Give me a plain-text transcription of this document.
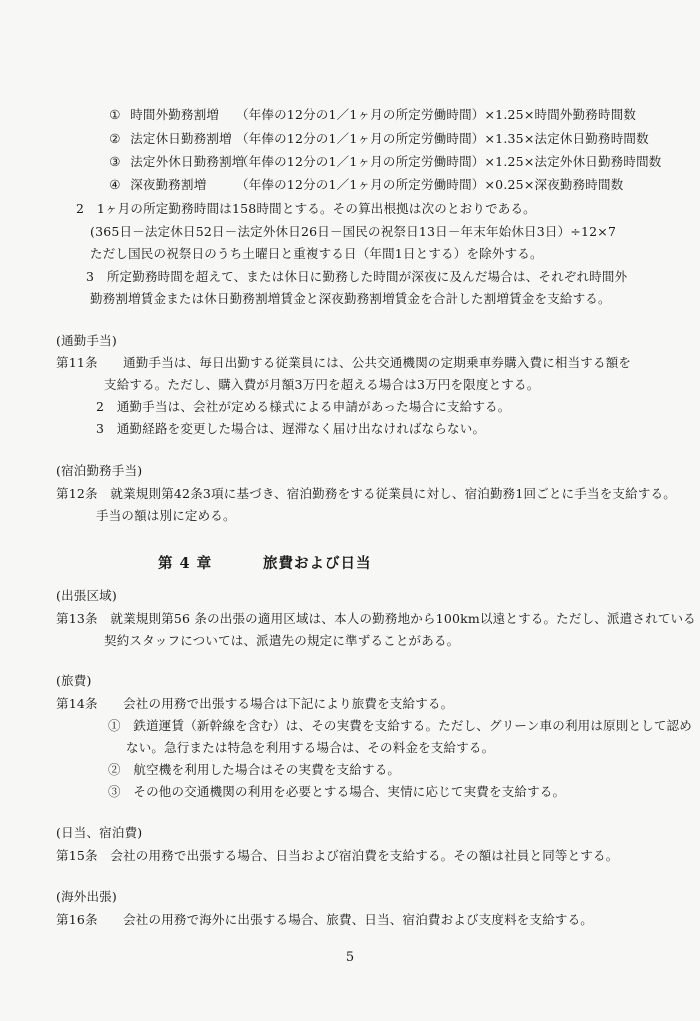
① 時間外勤務割増 （年俸の12分の1／1ヶ月の所定労働時間）×1.25×時間外勤務時間数
② 法定休日勤務割増 （年俸の12分の1／1ヶ月の所定労働時間）×1.35×法定休日勤務時間数
③ 法定外休日勤務割増
（年俸の12分の1／1ヶ月の所定労働時間）×1.25×法定外休日勤務時間数
④ 深夜勤務割増 （年俸の12分の1／1ヶ月の所定労働時間）×0.25×深夜勤務時間数
2　1ヶ月の所定勤務時間は158時間とする。その算出根拠は次のとおりである。
(365日－法定休日52日－法定外休日26日－国民の祝祭日13日－年末年始休日3日）÷12×7
ただし国民の祝祭日のうち土曜日と重複する日（年間1日とする）を除外する。
3　所定勤務時間を超えて、または休日に勤務した時間が深夜に及んだ場合は、それぞれ時間外
勤務割増賃金または休日勤務割増賃金と深夜勤務割増賃金を合計した割増賃金を支給する。
(通勤手当)
第11条　　通勤手当は、毎日出勤する従業員には、公共交通機関の定期乗車券購入費に相当する額を
支給する。ただし、購入費が月額3万円を超える場合は3万円を限度とする。
2　通勤手当は、会社が定める様式による申請があった場合に支給する。
3　通勤経路を変更した場合は、遅滞なく届け出なければならない。
(宿泊勤務手当)
第12条　就業規則第42条3項に基づき、宿泊勤務をする従業員に対し、宿泊勤務1回ごとに手当を支給する。
手当の額は別に定める。
第 4 章	旅費および日当
(出張区域)
第13条　就業規則第56 条の出張の適用区域は、本人の勤務地から100km以遠とする。ただし、派遣されている
契約スタッフについては、派遣先の規定に準ずることがある。
(旅費)
第14条　　会社の用務で出張する場合は下記により旅費を支給する。
①　鉄道運賃（新幹線を含む）は、その実費を支給する。ただし、グリーン車の利用は原則として認め
ない。急行または特急を利用する場合は、その料金を支給する。
②　航空機を利用した場合はその実費を支給する。
③　その他の交通機関の利用を必要とする場合、実情に応じて実費を支給する。
(日当、宿泊費)
第15条　会社の用務で出張する場合、日当および宿泊費を支給する。その額は社員と同等とする。
(海外出張)
第16条　　会社の用務で海外に出張する場合、旅費、日当、宿泊費および支度料を支給する。
5
